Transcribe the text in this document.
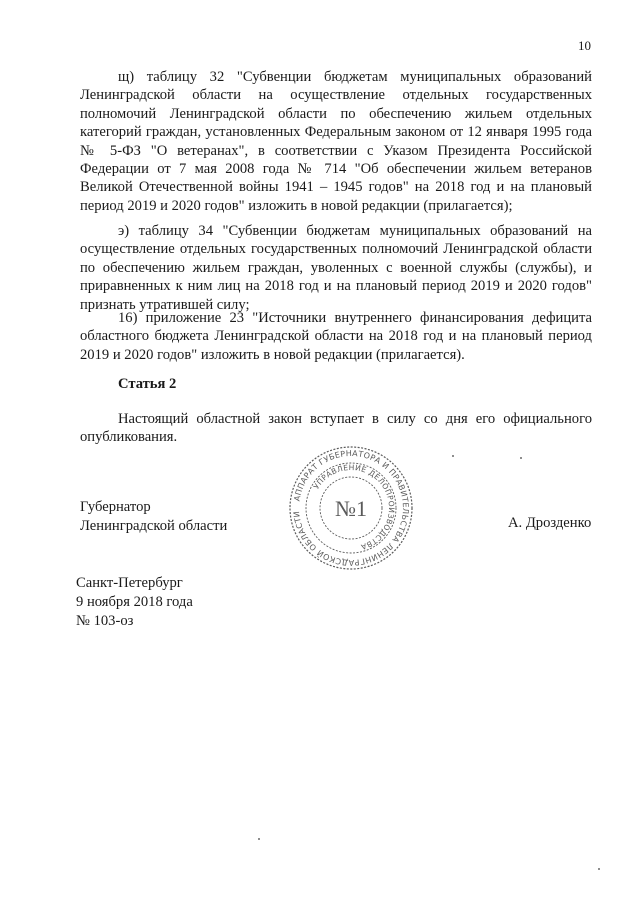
10

щ) таблицу 32 "Субвенции бюджетам муниципальных образований Ленинградской области на осуществление отдельных государственных полномочий Ленинградской области по обеспечению жильем отдельных категорий граждан, установленных Федеральным законом от 12 января 1995 года № 5-ФЗ "О ветеранах", в соответствии с Указом Президента Российской Федерации от 7 мая 2008 года № 714 "Об обеспечении жильем ветеранов Великой Отечественной войны 1941 – 1945 годов" на 2018 год и на плановый период 2019 и 2020 годов" изложить в новой редакции (прилагается);

э) таблицу 34 "Субвенции бюджетам муниципальных образований на осуществление отдельных государственных полномочий Ленинградской области по обеспечению жильем граждан, уволенных с военной службы (службы), и приравненных к ним лиц на 2018 год и на плановый период 2019 и 2020 годов" признать утратившей силу;

16) приложение 23 "Источники внутреннего финансирования дефицита областного бюджета Ленинградской области на 2018 год и на плановый период 2019 и 2020 годов" изложить в новой редакции (прилагается).

Статья 2

Настоящий областной закон вступает в силу со дня его официального опубликования.

Губернатор
Ленинградской области	А. Дрозденко
АППАРАТ ГУБЕРНАТОРА И ПРАВИТЕЛЬСТВА ЛЕНИНГРАДСКОЙ ОБЛАСТИ
УПРАВЛЕНИЕ ДЕЛОПРОИЗВОДСТВА
№1
Санкт-Петербург
9 ноября 2018 года
№ 103-оз
